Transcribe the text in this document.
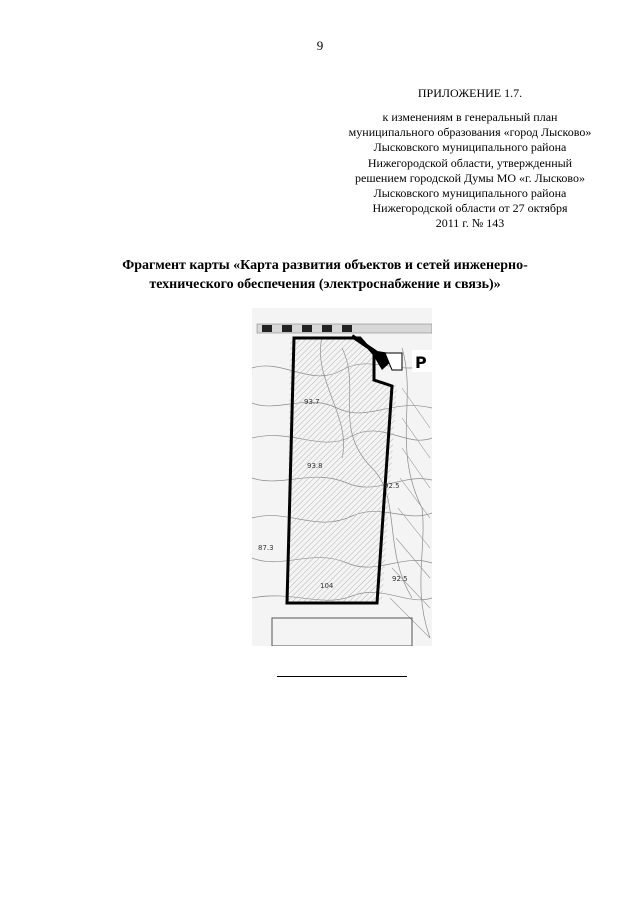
9
ПРИЛОЖЕНИЕ 1.7.
к изменениям в генеральный план
муниципального образования «город Лысково»
Лысковского муниципального района
Нижегородской области, утвержденный
решением городской Думы МО «г. Лысково»
Лысковского муниципального района
Нижегородской области от 27 октября
2011 г. № 143
Фрагмент карты «Карта развития объектов и сетей инженерно-
технического обеспечения (электроснабжение и связь)»
P
93.7
93.8
92.5
87.3
104
92.5
